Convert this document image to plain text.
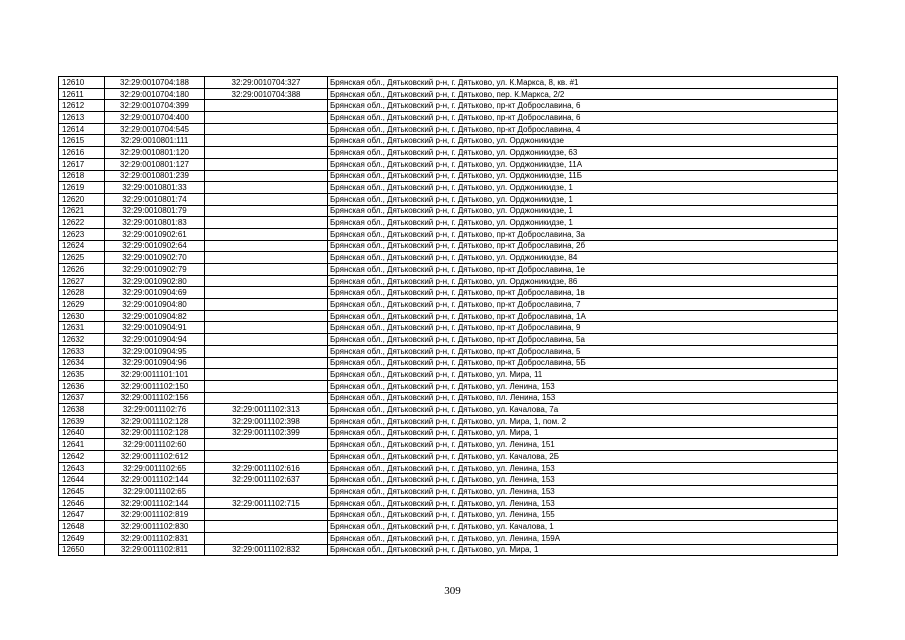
12610	32:29:0010704:188	32:29:0010704:327	Брянская обл., Дятьковский р-н, г. Дятьково, ул. К.Маркса, 8, кв. #1
12611	32:29:0010704:180	32:29:0010704:388	Брянская обл., Дятьковский р-н, г. Дятьково, пер. К.Маркса, 2/2
12612	32:29:0010704:399		Брянская обл., Дятьковский р-н, г. Дятьково, пр-кт Доброславина, 6
12613	32:29:0010704:400		Брянская обл., Дятьковский р-н, г. Дятьково, пр-кт Доброславина, 6
12614	32:29:0010704:545		Брянская обл., Дятьковский р-н, г. Дятьково, пр-кт Доброславина, 4
12615	32:29:0010801:111		Брянская обл., Дятьковский р-н, г. Дятьково, ул. Орджоникидзе
12616	32:29:0010801:120		Брянская обл., Дятьковский р-н, г. Дятьково, ул. Орджоникидзе, 63
12617	32:29:0010801:127		Брянская обл., Дятьковский р-н, г. Дятьково, ул. Орджоникидзе, 11А
12618	32:29:0010801:239		Брянская обл., Дятьковский р-н, г. Дятьково, ул. Орджоникидзе, 11Б
12619	32:29:0010801:33		Брянская обл., Дятьковский р-н, г. Дятьково, ул. Орджоникидзе, 1
12620	32:29:0010801:74		Брянская обл., Дятьковский р-н, г. Дятьково, ул. Орджоникидзе, 1
12621	32:29:0010801:79		Брянская обл., Дятьковский р-н, г. Дятьково, ул. Орджоникидзе, 1
12622	32:29:0010801:83		Брянская обл., Дятьковский р-н, г. Дятьково, ул. Орджоникидзе, 1
12623	32:29:0010902:61		Брянская обл., Дятьковский р-н, г. Дятьково, пр-кт Доброславина, 3а
12624	32:29:0010902:64		Брянская обл., Дятьковский р-н, г. Дятьково, пр-кт Доброславина, 2б
12625	32:29:0010902:70		Брянская обл., Дятьковский р-н, г. Дятьково, ул. Орджоникидзе, 84
12626	32:29:0010902:79		Брянская обл., Дятьковский р-н, г. Дятьково, пр-кт Доброславина, 1е
12627	32:29:0010902:80		Брянская обл., Дятьковский р-н, г. Дятьково, ул. Орджоникидзе, 86
12628	32:29:0010904:69		Брянская обл., Дятьковский р-н, г. Дятьково, пр-кт Доброславина, 1в
12629	32:29:0010904:80		Брянская обл., Дятьковский р-н, г. Дятьково, пр-кт Доброславина, 7
12630	32:29:0010904:82		Брянская обл., Дятьковский р-н, г. Дятьково, пр-кт Доброславина, 1А
12631	32:29:0010904:91		Брянская обл., Дятьковский р-н, г. Дятьково, пр-кт Доброславина, 9
12632	32:29:0010904:94		Брянская обл., Дятьковский р-н, г. Дятьково, пр-кт Доброславина, 5а
12633	32:29:0010904:95		Брянская обл., Дятьковский р-н, г. Дятьково, пр-кт Доброславина, 5
12634	32:29:0010904:96		Брянская обл., Дятьковский р-н, г. Дятьково, пр-кт Доброславина, 5Б
12635	32:29:0011101:101		Брянская обл., Дятьковский р-н, г. Дятьково, ул. Мира, 11
12636	32:29:0011102:150		Брянская обл., Дятьковский р-н, г. Дятьково, ул. Ленина, 153
12637	32:29:0011102:156		Брянская обл., Дятьковский р-н, г. Дятьково, пл. Ленина, 153
12638	32:29:0011102:76	32:29:0011102:313	Брянская обл., Дятьковский р-н, г. Дятьково, ул. Качалова, 7а
12639	32:29:0011102:128	32:29:0011102:398	Брянская обл., Дятьковский р-н, г. Дятьково, ул. Мира, 1, пом. 2
12640	32:29:0011102:128	32:29:0011102:399	Брянская обл., Дятьковский р-н, г. Дятьково, ул. Мира, 1
12641	32:29:0011102:60		Брянская обл., Дятьковский р-н, г. Дятьково, ул. Ленина, 151
12642	32:29:0011102:612		Брянская обл., Дятьковский р-н, г. Дятьково, ул. Качалова, 2Б
12643	32:29:0011102:65	32:29:0011102:616	Брянская обл., Дятьковский р-н, г. Дятьково, ул. Ленина, 153
12644	32:29:0011102:144	32:29:0011102:637	Брянская обл., Дятьковский р-н, г. Дятьково, ул. Ленина, 153
12645	32:29:0011102:65		Брянская обл., Дятьковский р-н, г. Дятьково, ул. Ленина, 153
12646	32:29:0011102:144	32:29:0011102:715	Брянская обл., Дятьковский р-н, г. Дятьково, ул. Ленина, 153
12647	32:29:0011102:819		Брянская обл., Дятьковский р-н, г. Дятьково, ул. Ленина, 155
12648	32:29:0011102:830		Брянская обл., Дятьковский р-н, г. Дятьково, ул. Качалова, 1
12649	32:29:0011102:831		Брянская обл., Дятьковский р-н, г. Дятьково, ул. Ленина, 159А
12650	32:29:0011102:811	32:29:0011102:832	Брянская обл., Дятьковский р-н, г. Дятьково, ул. Мира, 1
309
